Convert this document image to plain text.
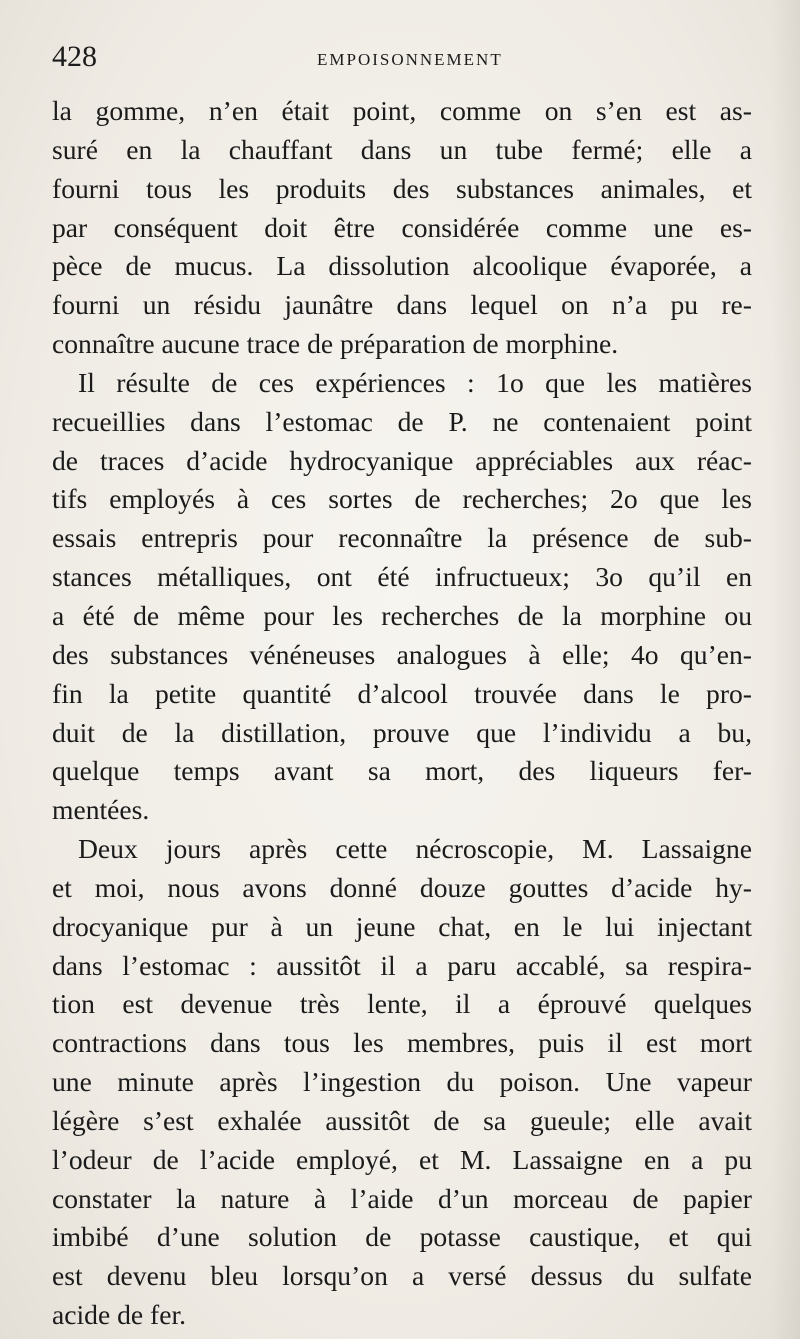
428	EMPOISONNEMENT
la gomme, n’en était point, comme on s’en est as-
suré en la chauffant dans un tube fermé; elle a
fourni tous les produits des substances animales, et
par conséquent doit être considérée comme une es-
pèce de mucus. La dissolution alcoolique évaporée, a
fourni un résidu jaunâtre dans lequel on n’a pu re-
connaître aucune trace de préparation de morphine.
Il résulte de ces expériences : 1o que les matières
recueillies dans l’estomac de P. ne contenaient point
de traces d’acide hydrocyanique appréciables aux réac-
tifs employés à ces sortes de recherches; 2o que les
essais entrepris pour reconnaître la présence de sub-
stances métalliques, ont été infructueux; 3o qu’il en
a été de même pour les recherches de la morphine ou
des substances vénéneuses analogues à elle; 4o qu’en-
fin la petite quantité d’alcool trouvée dans le pro-
duit de la distillation, prouve que l’individu a bu,
quelque temps avant sa mort, des liqueurs fer-
mentées.
Deux jours après cette nécroscopie, M. Lassaigne
et moi, nous avons donné douze gouttes d’acide hy-
drocyanique pur à un jeune chat, en le lui injectant
dans l’estomac : aussitôt il a paru accablé, sa respira-
tion est devenue très lente, il a éprouvé quelques
contractions dans tous les membres, puis il est mort
une minute après l’ingestion du poison. Une vapeur
légère s’est exhalée aussitôt de sa gueule; elle avait
l’odeur de l’acide employé, et M. Lassaigne en a pu
constater la nature à l’aide d’un morceau de papier
imbibé d’une solution de potasse caustique, et qui
est devenu bleu lorsqu’on a versé dessus du sulfate
acide de fer.
